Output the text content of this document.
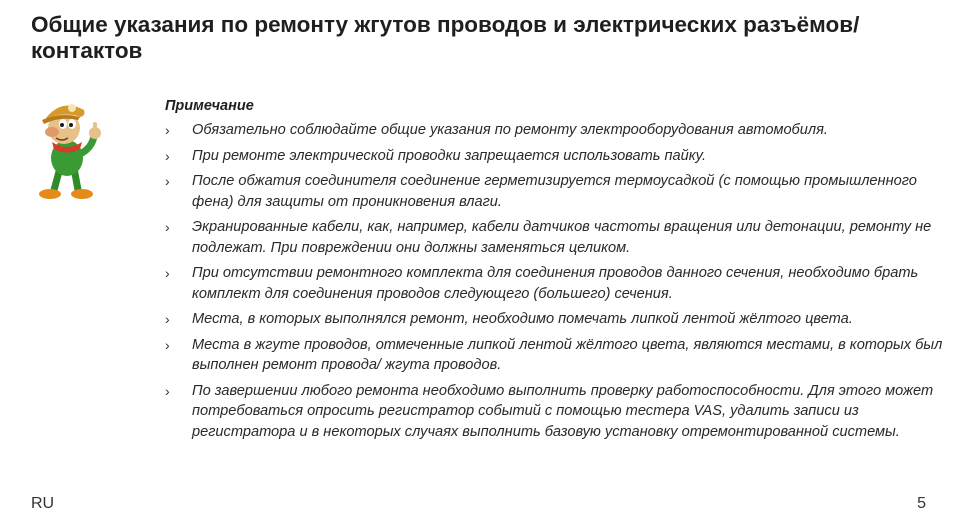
Общие указания по ремонту жгутов проводов и электрических разъёмов/ контактов

Примечание

› Обязательно соблюдайте общие указания по ремонту электрооборудования автомобиля.
› При ремонте электрической проводки запрещается использовать пайку.
› После обжатия соединителя соединение герметизируется термоусадкой (с помощью промышленного фена) для защиты от проникновения влаги.
› Экранированные кабели, как, например, кабели датчиков частоты вращения или детонации, ремонту не подлежат. При повреждении они должны заменяться целиком.
› При отсутствии ремонтного комплекта для соединения проводов данного сечения, необходимо брать комплект для соединения проводов следующего (большего) сечения.
› Места, в которых выполнялся ремонт, необходимо помечать липкой лентой жёлтого цвета.
› Места в жгуте проводов, отмеченные липкой лентой жёлтого цвета, являются местами, в которых был выполнен ремонт провода/ жгута проводов.
› По завершении любого ремонта необходимо выполнить проверку работоспособности. Для этого может потребоваться опросить регистратор событий с помощью тестера VAS, удалить записи из регистратора и в некоторых случаях выполнить базовую установку отремонтированной системы.
RU	5
